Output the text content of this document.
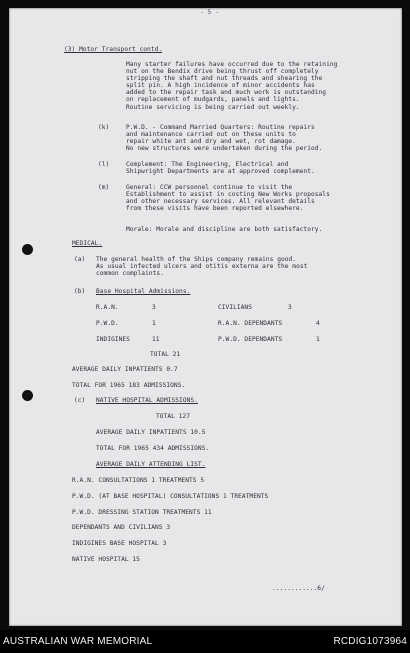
- 5 -
(3) Motor Transport contd.
Many starter failures have occurred due to the retaining
nut on the Bendix drive being thrust off completely
stripping the shaft and nut threads and shearing the
split pin. A high incidence of minor accidents has
added to the repair task and much work is outstanding
on replacement of mudgards, panels and lights.
Routine servicing is being carried out weekly.
(k)	P.W.D. - Command Married Quarters: Routine repairs
and maintenance carried out on these units to
repair white ant and dry and wet, rot damage.
No new structures were undertaken during the period.
(l)	Complement: The Engineering, Electrical and
Shipwright Departments are at approved complement.
(m)	General: CCW personnel continue to visit the
Establishment to assist in costing New Works proposals
and other necessary services. All relevant details
from these visits have been reported elsewhere.
Morale: Morale and discipline are both satisfactory.
MEDICAL.
(a) The general health of the Ships company remains good.
As usual infected ulcers and otitis externa are the most
common complaints.
(b) Base Hospital Admissions.
R.A.N.	3	CIVILIANS	3
P.W.D.	1	R.A.N. DEPENDANTS	4
INDIGINES	11	P.W.D. DEPENDANTS	1
TOTAL 21
AVERAGE DAILY INPATIENTS 0.7
TOTAL FOR 1965 183 ADMISSIONS.
(c) NATIVE HOSPITAL ADMISSIONS.
TOTAL 127
AVERAGE DAILY INPATIENTS 10.5
TOTAL FOR 1965 434 ADMISSIONS.
AVERAGE DAILY ATTENDING LIST.
R.A.N. CONSULTATIONS 1 TREATMENTS 5
P.W.D. (AT BASE HOSPITAL) CONSULTATIONS 1 TREATMENTS
P.W.D. DRESSING STATION TREATMENTS 11
DEPENDANTS AND CIVILIANS 3
INDIGINES BASE HOSPITAL 3
NATIVE HOSPITAL 15
............6/
AUSTRALIAN WAR MEMORIAL	RCDIG1073964
